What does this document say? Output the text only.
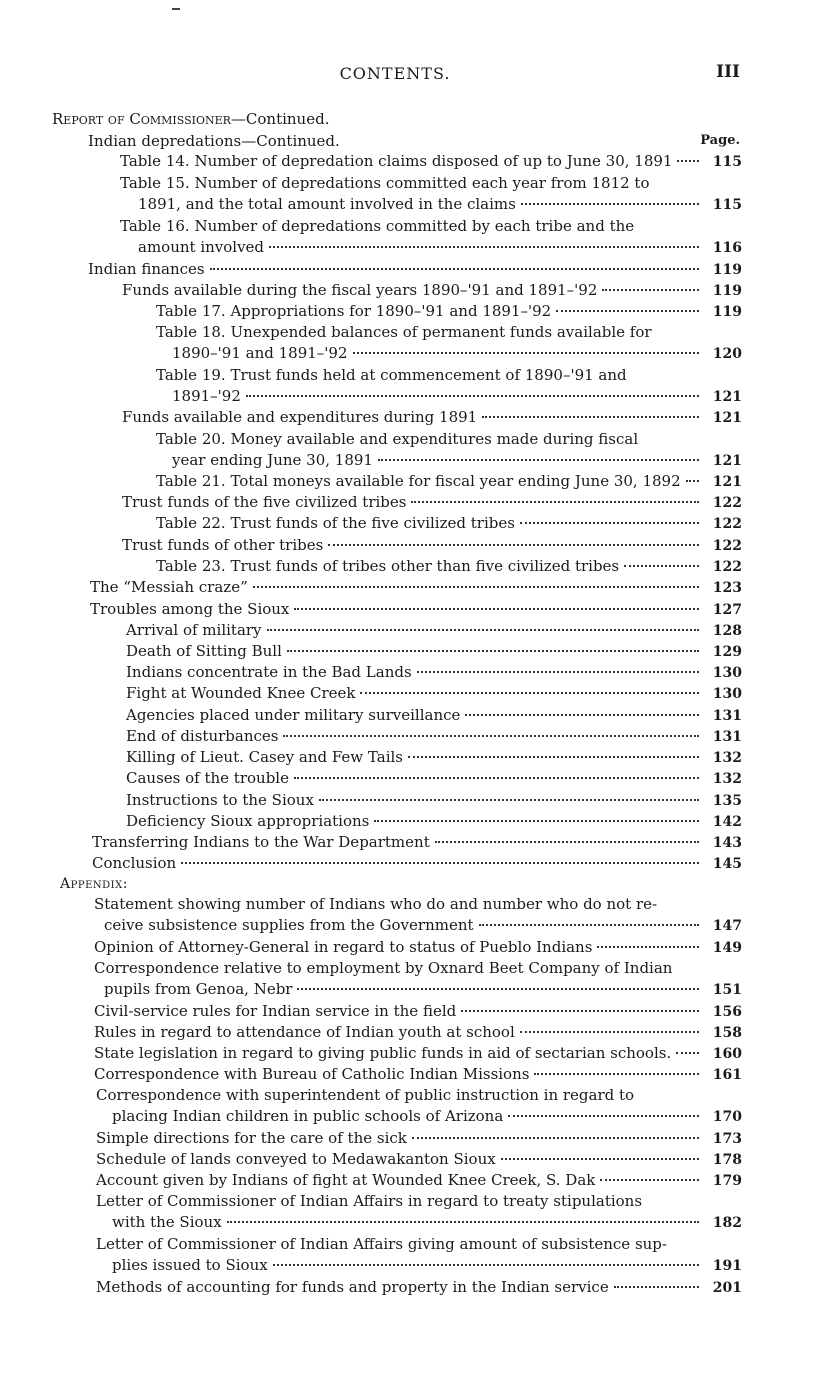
CONTENTS.	III
Report of Commissioner—Continued.
Indian depredations—Continued.	Page.
Table 14. Number of depredation claims disposed of up to June 30, 1891	115
Table 15. Number of depredations committed each year from 1812 to
1891, and the total amount involved in the claims	115
Table 16. Number of depredations committed by each tribe and the
amount involved	116
Indian finances	119
Funds available during the fiscal years 1890–'91 and 1891–'92	119
Table 17. Appropriations for 1890–'91 and 1891–'92	119
Table 18. Unexpended balances of permanent funds available for
1890–'91 and 1891–'92	120
Table 19. Trust funds held at commencement of 1890–'91 and
1891–'92	121
Funds available and expenditures during 1891	121
Table 20. Money available and expenditures made during fiscal
year ending June 30, 1891	121
Table 21. Total moneys available for fiscal year ending June 30, 1892	121
Trust funds of the five civilized tribes	122
Table 22. Trust funds of the five civilized tribes	122
Trust funds of other tribes	122
Table 23. Trust funds of tribes other than five civilized tribes	122
The “Messiah craze”	123
Troubles among the Sioux	127
Arrival of military	128
Death of Sitting Bull	129
Indians concentrate in the Bad Lands	130
Fight at Wounded Knee Creek	130
Agencies placed under military surveillance	131
End of disturbances	131
Killing of Lieut. Casey and Few Tails	132
Causes of the trouble	132
Instructions to the Sioux	135
Deficiency Sioux appropriations	142
Transferring Indians to the War Department	143
Conclusion	145
Appendix:
Statement showing number of Indians who do and number who do not re-
ceive subsistence supplies from the Government	147
Opinion of Attorney-General in regard to status of Pueblo Indians	149
Correspondence relative to employment by Oxnard Beet Company of Indian
pupils from Genoa, Nebr	151
Civil-service rules for Indian service in the field	156
Rules in regard to attendance of Indian youth at school	158
State legislation in regard to giving public funds in aid of sectarian schools.	160
Correspondence with Bureau of Catholic Indian Missions	161
Correspondence with superintendent of public instruction in regard to
placing Indian children in public schools of Arizona	170
Simple directions for the care of the sick	173
Schedule of lands conveyed to Medawakanton Sioux	178
Account given by Indians of fight at Wounded Knee Creek, S. Dak	179
Letter of Commissioner of Indian Affairs in regard to treaty stipulations
with the Sioux	182
Letter of Commissioner of Indian Affairs giving amount of subsistence sup-
plies issued to Sioux	191
Methods of accounting for funds and property in the Indian service	201
